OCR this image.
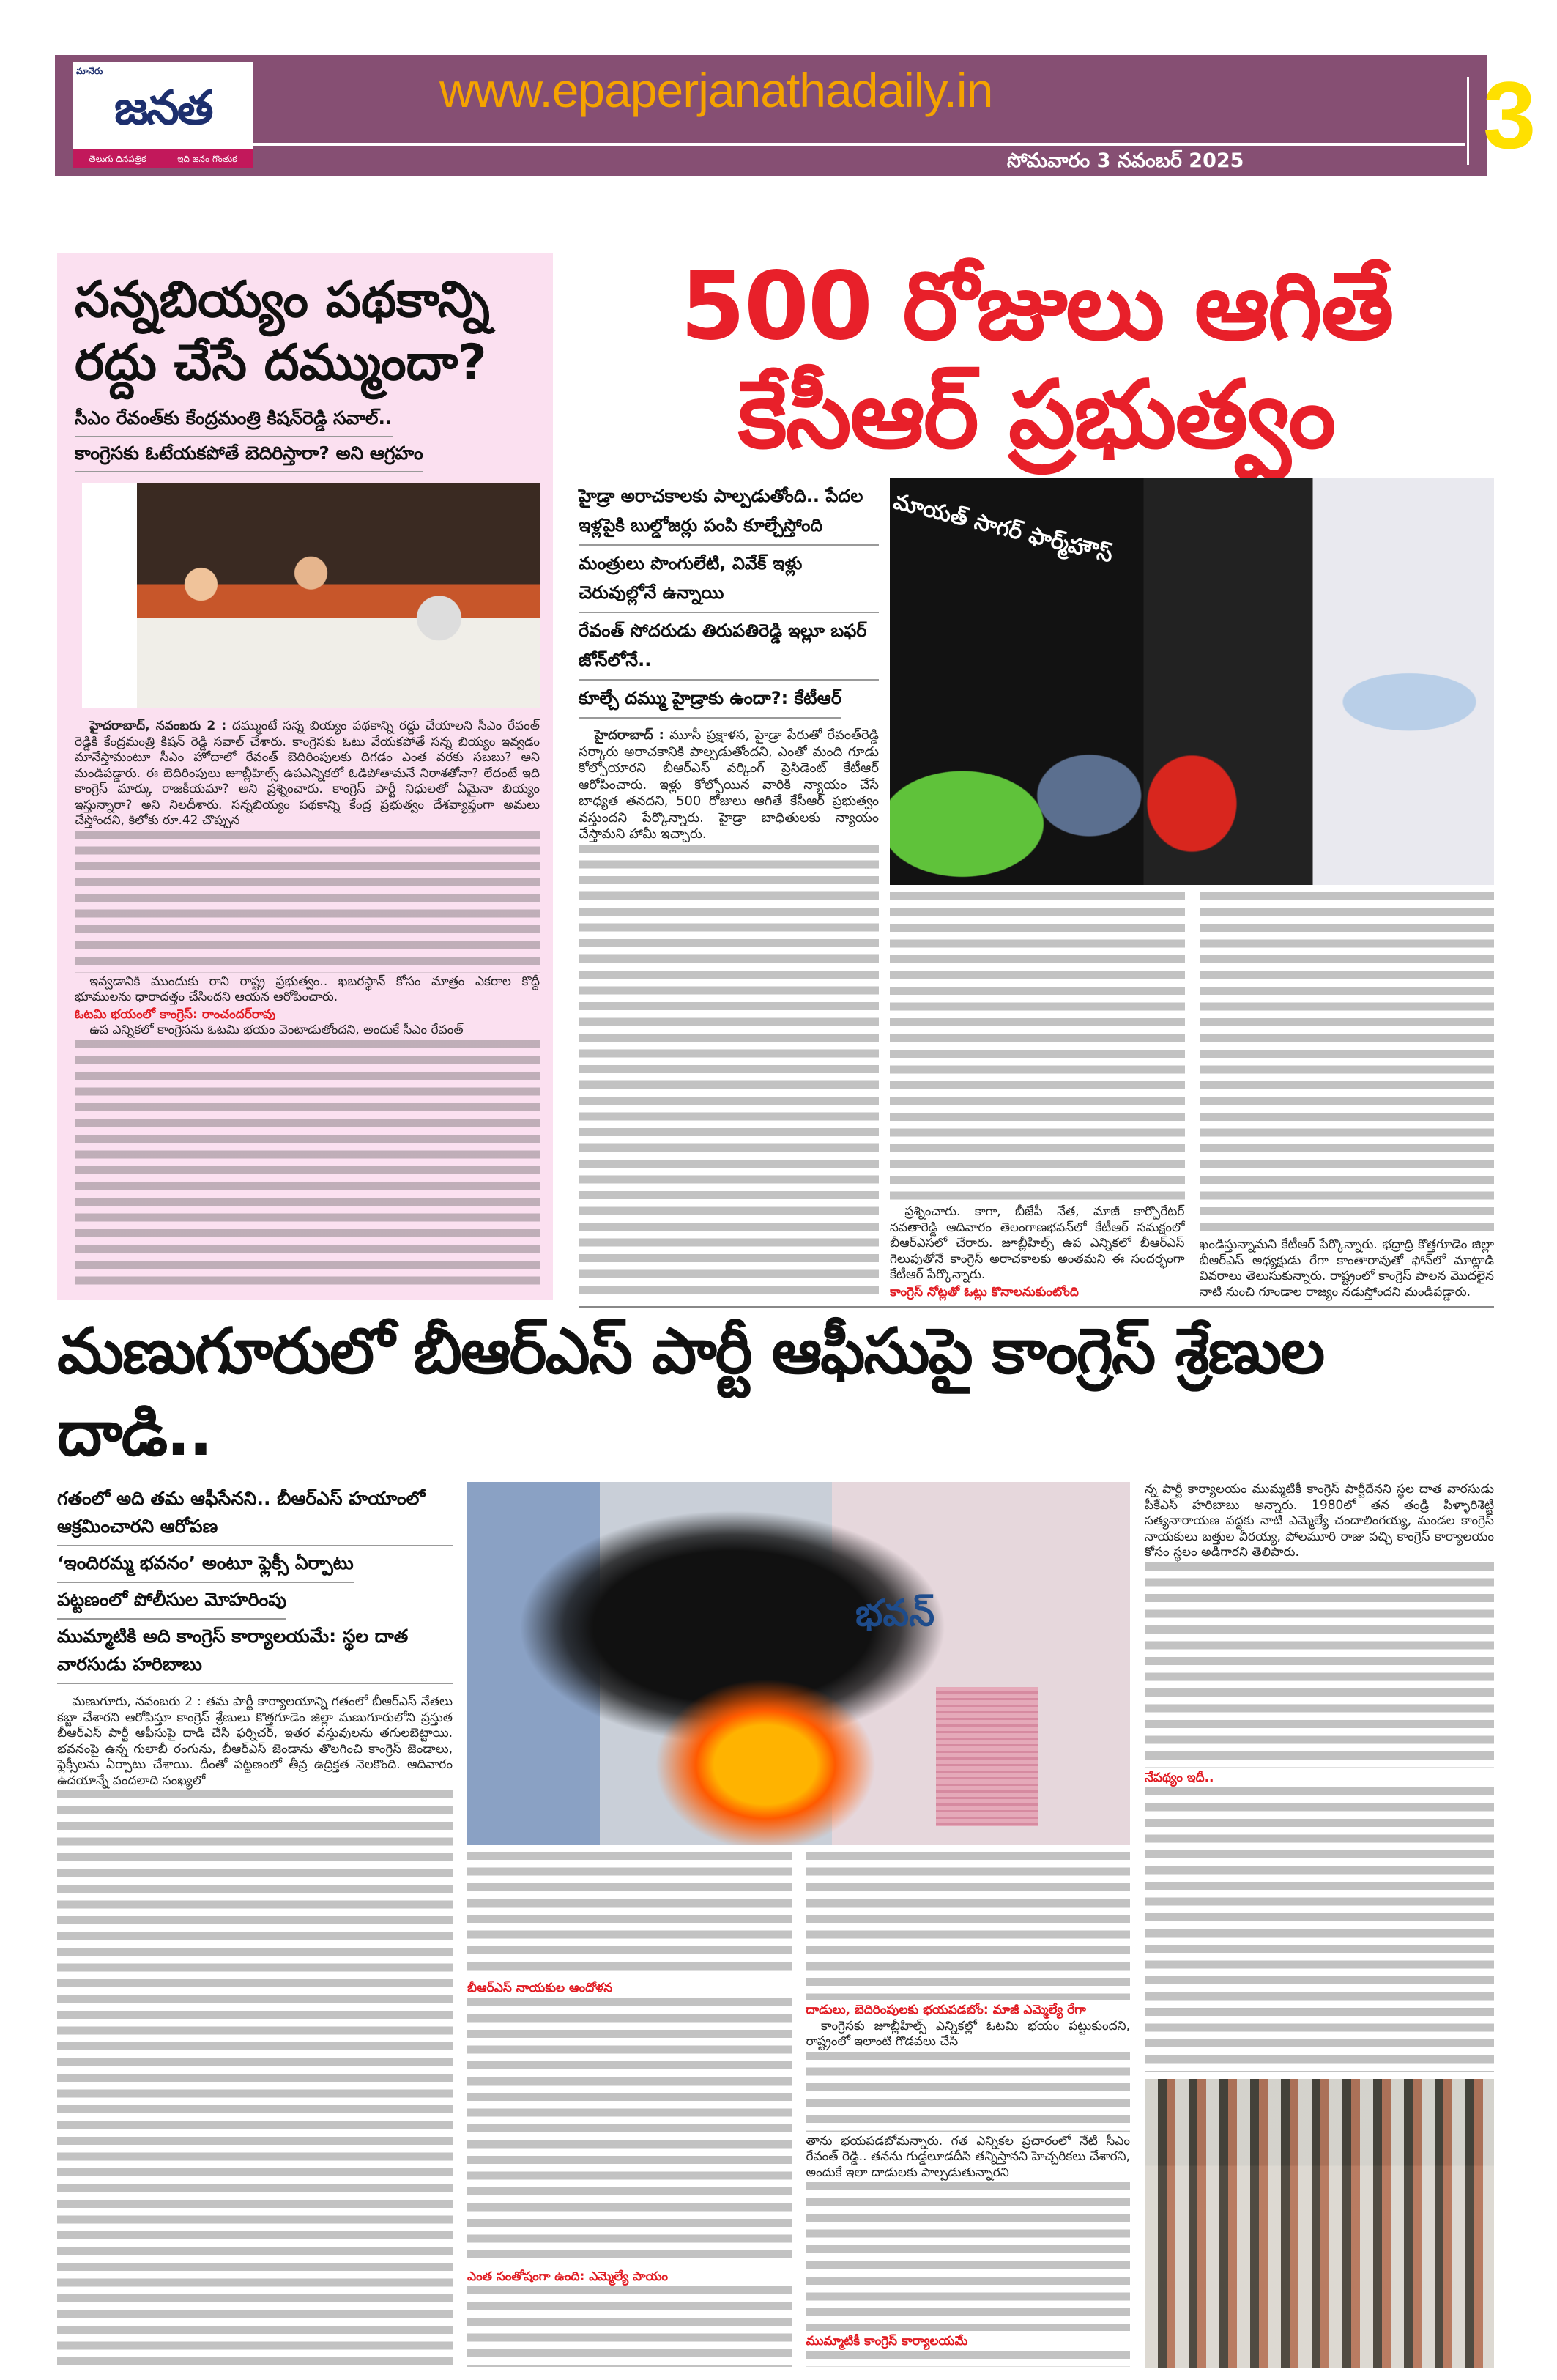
మానేరు
జనత
తెలుగు దినపత్రిక	ఇది జనం గొంతుక
www.epaperjanathadaily.in
సోమవారం 3 నవంబర్ 2025	3
సన్నబియ్యం పథకాన్ని రద్దు చేసే దమ్ముందా?
సీఎం రేవంత్‌కు కేంద్రమంత్రి కిషన్‌రెడ్డి సవాల్..
కాంగ్రెసకు ఓటేయకపోతే బెదిరిస్తారా? అని ఆగ్రహం

హైదరాబాద్, నవంబరు 2 : దమ్ముంటే సన్న బియ్యం పథకాన్ని రద్దు చేయాలని సీఎం రేవంత్ రెడ్డికి కేంద్రమంత్రి కిషన్ రెడ్డి సవాల్ చేశారు. కాంగ్రెసకు ఓటు వేయకపోతే సన్న బియ్యం ఇవ్వడం మానేస్తామంటూ సీఎం హోదాలో రేవంత్ బెదిరింపులకు దిగడం ఎంత వరకు సబబు? అని మండిపడ్డారు. ఈ బెదిరింపులు జూబ్లీహిల్స్ ఉపఎన్నికలో ఓడిపోతామనే నిరాశతోనా? లేదంటే ఇది కాంగ్రెస్ మార్కు రాజకీయమా? అని ప్రశ్నించారు. కాంగ్రెస్ పార్టీ నిధులతో ఏమైనా బియ్యం ఇస్తున్నారా? అని నిలదీశారు. సన్నబియ్యం పథకాన్ని కేంద్ర ప్రభుత్వం దేశవ్యాప్తంగా అమలు చేస్తోందని, కిలోకు రూ.42 చొప్పున

ఇవ్వడానికి ముందుకు రాని రాష్ట్ర ప్రభుత్వం.. ఖబరస్థాన్ కోసం మాత్రం ఎకరాల కొద్దీ భూములను ధారాదత్తం చేసిందని ఆయన ఆరోపించారు.

ఓటమి భయంలో కాంగ్రెస్: రాంచందర్‌రావు

ఉప ఎన్నికలో కాంగ్రెసను ఓటమి భయం వెంటాడుతోందని, అందుకే సీఎం రేవంత్

500 రోజులు ఆగితే
కేసీఆర్ ప్రభుత్వం
హైడ్రా అరాచకాలకు పాల్పడుతోంది.. పేదల ఇళ్లపైకి బుల్డోజర్లు పంపి కూల్చేస్తోంది
మంత్రులు పొంగులేటి, వివేక్ ఇళ్లు చెరువుల్లోనే ఉన్నాయి
రేవంత్ సోదరుడు తిరుపతిరెడ్డి ఇల్లూ బఫర్ జోన్‌లోనే..
కూల్చే దమ్ము హైడ్రాకు ఉందా?: కేటీఆర్

హైదరాబాద్ : మూసీ ప్రక్షాళన, హైడ్రా పేరుతో రేవంత్‌రెడ్డి సర్కారు అరాచకానికి పాల్పడుతోందని, ఎంతో మంది గూడు కోల్పోయారని బీఆర్ఎస్ వర్కింగ్ ప్రెసిడెంట్ కేటీఆర్ ఆరోపించారు. ఇళ్లు కోల్పోయిన వారికి న్యాయం చేసే బాధ్యత తనదని, 500 రోజులు ఆగితే కేసీఆర్ ప్రభుత్వం వస్తుందని పేర్కొన్నారు. హైడ్రా బాధితులకు న్యాయం చేస్తామని హామీ ఇచ్చారు.

మాయత్ సాగర్ ఫార్మ్‌హౌస్

ప్రశ్నించారు. కాగా, బీజేపీ నేత, మాజీ కార్పొరేటర్ నవతారెడ్డి ఆదివారం తెలంగాణభవన్‌లో కేటీఆర్ సమక్షంలో బీఆర్ఎసలో చేరారు. జూబ్లీహిల్స్ ఉప ఎన్నికలో బీఆర్ఎస్ గెలుపుతోనే కాంగ్రెస్ అరాచకాలకు అంతమని ఈ సందర్భంగా కేటీఆర్ పేర్కొన్నారు.

కాంగ్రెస్ నోట్లతో ఓట్లు కొనాలనుకుంటోంది

ఖండిస్తున్నామని కేటీఆర్ పేర్కొన్నారు. భద్రాద్రి కొత్తగూడెం జిల్లా బీఆర్ఎస్ అధ్యక్షుడు రేగా కాంతారావుతో ఫోన్‌లో మాట్లాడి వివరాలు తెలుసుకున్నారు. రాష్ట్రంలో కాంగ్రెస్ పాలన మొదలైన నాటి నుంచి గూండాల రాజ్యం నడుస్తోందని మండిపడ్డారు.

మణుగూరులో బీఆర్ఎస్ పార్టీ ఆఫీసుపై కాంగ్రెస్ శ్రేణుల దాడి..
గతంలో అది తమ ఆఫీసేనని.. బీఆర్ఎస్ హయాంలో ఆక్రమించారని ఆరోపణ
‘ఇందిరమ్మ భవనం’ అంటూ ఫ్లెక్సీ ఏర్పాటు
పట్టణంలో పోలీసుల మోహరింపు
ముమ్మాటికి అది కాంగ్రెస్ కార్యాలయమే: స్థల దాత వారసుడు హరిబాబు

మణుగూరు, నవంబరు 2 : తమ పార్టీ కార్యాలయాన్ని గతంలో బీఆర్ఎస్ నేతలు కబ్జా చేశారని ఆరోపిస్తూ కాంగ్రెస్ శ్రేణులు కొత్తగూడెం జిల్లా మణుగూరులోని ప్రస్తుత బీఆర్ఎస్ పార్టీ ఆఫీసుపై దాడి చేసి ఫర్నిచర్, ఇతర వస్తువులను తగులబెట్టాయి. భవనంపై ఉన్న గులాబీ రంగును, బీఆర్ఎస్ జెండాను తొలగించి కాంగ్రెస్ జెండాలు, ఫ్లెక్సీలను ఏర్పాటు చేశాయి. దీంతో పట్టణంలో తీవ్ర ఉద్రిక్తత నెలకొంది. ఆదివారం ఉదయాన్నే వందలాది సంఖ్యలో

భవన్
బీఆర్ఎస్ నాయకుల ఆందోళన
ఎంత సంతోషంగా ఉంది: ఎమ్మెల్యే పాయం
దాడులు, బెదిరింపులకు భయపడబోం: మాజీ ఎమ్మెల్యే రేగా

కాంగ్రెసకు జూబ్లీహిల్స్ ఎన్నికల్లో ఓటమి భయం పట్టుకుందని, రాష్ట్రంలో ఇలాంటి గొడవలు చేసి

తాను భయపడబోమన్నారు. గత ఎన్నికల ప్రచారంలో నేటి సీఎం రేవంత్ రెడ్డి.. తనను గుడ్డలూడదీసి తన్నిస్తానని హెచ్చరికలు చేశారని, అందుకే ఇలా దాడులకు పాల్పడుతున్నారని

ముమ్మాటికీ కాంగ్రెస్ కార్యాలయమే

న్న పార్టీ కార్యాలయం ముమ్మటికీ కాంగ్రెస్ పార్టీదేనని స్థల దాత వారసుడు పీకేఎస్ హరిబాబు అన్నారు. 1980లో తన తండ్రి పిళ్ళారిశెట్టి సత్యనారాయణ వద్దకు నాటి ఎమ్మెల్యే చందాలింగయ్య, మండల కాంగ్రెస్ నాయకులు బత్తుల వీరయ్య, పోలమూరి రాజు వచ్చి కాంగ్రెస్ కార్యాలయం కోసం స్థలం అడిగారని తెలిపారు.

నేపథ్యం ఇదీ..
